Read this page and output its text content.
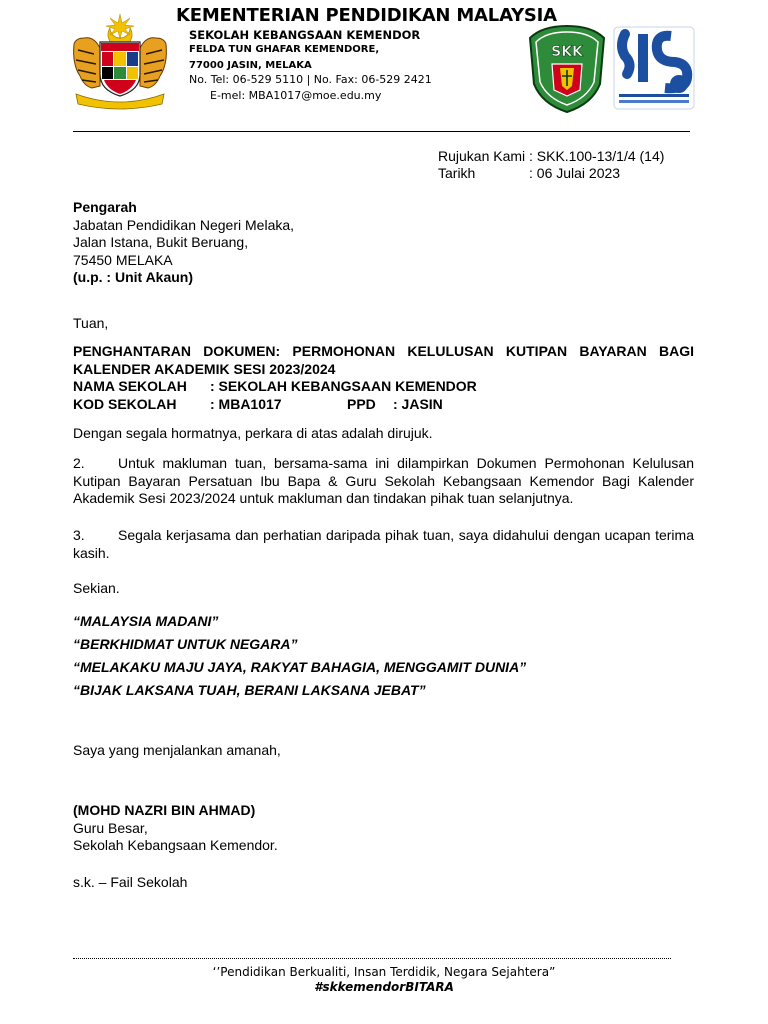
KEMENTERIAN PENDIDIKAN MALAYSIA
SEKOLAH KEBANGSAAN KEMENDOR
FELDA TUN GHAFAR KEMENDORE,
77000 JASIN, MELAKA
No. Tel: 06-529 5110 | No. Fax: 06-529 2421
E-mel: MBA1017@moe.edu.my
SKK
Rujukan Kami : SKK.100-13/1/4 (14)
Tarikh	: 06 Julai 2023
Pengarah
Jabatan Pendidikan Negeri Melaka,
Jalan Istana, Bukit Beruang,
75450 MELAKA
(u.p. : Unit Akaun)
Tuan,
PENGHANTARAN DOKUMEN: PERMOHONAN KELULUSAN KUTIPAN BAYARAN BAGI KALENDER AKADEMIK SESI 2023/2024
NAMA SEKOLAH : SEKOLAH KEBANGSAAN KEMENDOR
KOD SEKOLAH : MBA1017	PPD : JASIN
Dengan segala hormatnya, perkara di atas adalah dirujuk.
2. Untuk makluman tuan, bersama-sama ini dilampirkan Dokumen Permohonan Kelulusan Kutipan Bayaran Persatuan Ibu Bapa & Guru Sekolah Kebangsaan Kemendor Bagi Kalender Akademik Sesi 2023/2024 untuk makluman dan tindakan pihak tuan selanjutnya.
3. Segala kerjasama dan perhatian daripada pihak tuan, saya didahului dengan ucapan terima kasih.
Sekian.
“MALAYSIA MADANI”
“BERKHIDMAT UNTUK NEGARA”
“MELAKAKU MAJU JAYA, RAKYAT BAHAGIA, MENGGAMIT DUNIA”
“BIJAK LAKSANA TUAH, BERANI LAKSANA JEBAT”
Saya yang menjalankan amanah,
(MOHD NAZRI BIN AHMAD)
Guru Besar,
Sekolah Kebangsaan Kemendor.
s.k. – Fail Sekolah
‘’Pendidikan Berkualiti, Insan Terdidik, Negara Sejahtera”
#skkemendorBITARA
